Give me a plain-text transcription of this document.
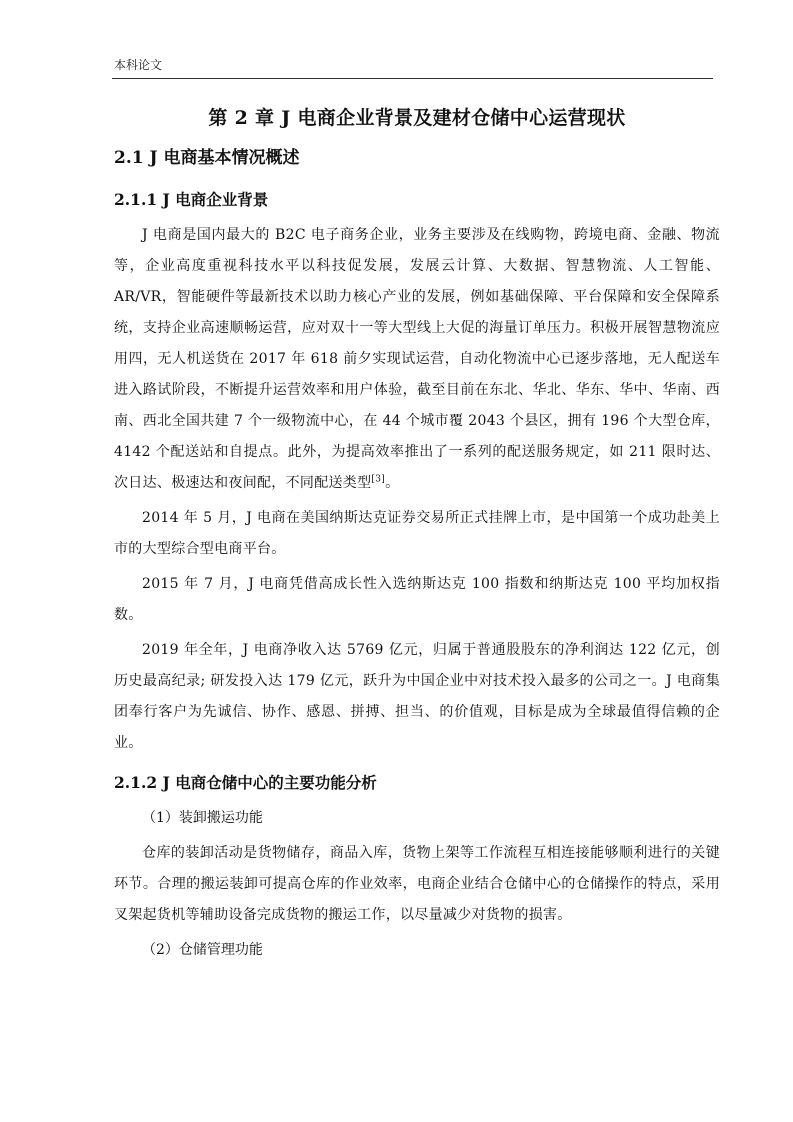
本科论文
第 2 章 J 电商企业背景及建材仓储中心运营现状
2.1 J 电商基本情况概述
2.1.1 J 电商企业背景

J 电商是国内最大的 B2C 电子商务企业，业务主要涉及在线购物，跨境电商、金融、物流等，企业高度重视科技水平以科技促发展，发展云计算、大数据、智慧物流、人工智能、AR/VR，智能硬件等最新技术以助力核心产业的发展，例如基础保障、平台保障和安全保障系统，支持企业高速顺畅运营，应对双十一等大型线上大促的海量订单压力。积极开展智慧物流应用四，无人机送货在 2017 年 618 前夕实现试运营，自动化物流中心已逐步落地，无人配送车进入路试阶段，不断提升运营效率和用户体验，截至目前在东北、华北、华东、华中、华南、西南、西北全国共建 7 个一级物流中心，在 44 个城市覆 2043 个县区，拥有 196 个大型仓库，4142 个配送站和自提点。此外，为提高效率推出了一系列的配送服务规定，如 211 限时达、次日达、极速达和夜间配，不同配送类型[3]。

2014 年 5 月，J 电商在美国纳斯达克证券交易所正式挂牌上市，是中国第一个成功赴美上市的大型综合型电商平台。

2015 年 7 月，J 电商凭借高成长性入选纳斯达克 100 指数和纳斯达克 100 平均加权指数。

2019 年全年，J 电商净收入达 5769 亿元，归属于普通股股东的净利润达 122 亿元，创历史最高纪录; 研发投入达 179 亿元，跃升为中国企业中对技术投入最多的公司之一。J 电商集团奉行客户为先诚信、协作、感恩、拼搏、担当、的价值观，目标是成为全球最值得信赖的企业。

2.1.2 J 电商仓储中心的主要功能分析

（1）装卸搬运功能

仓库的装卸活动是货物储存，商品入库，货物上架等工作流程互相连接能够顺利进行的关键环节。合理的搬运装卸可提高仓库的作业效率，电商企业结合仓储中心的仓储操作的特点，采用叉架起货机等辅助设备完成货物的搬运工作，以尽量减少对货物的损害。

（2）仓储管理功能
